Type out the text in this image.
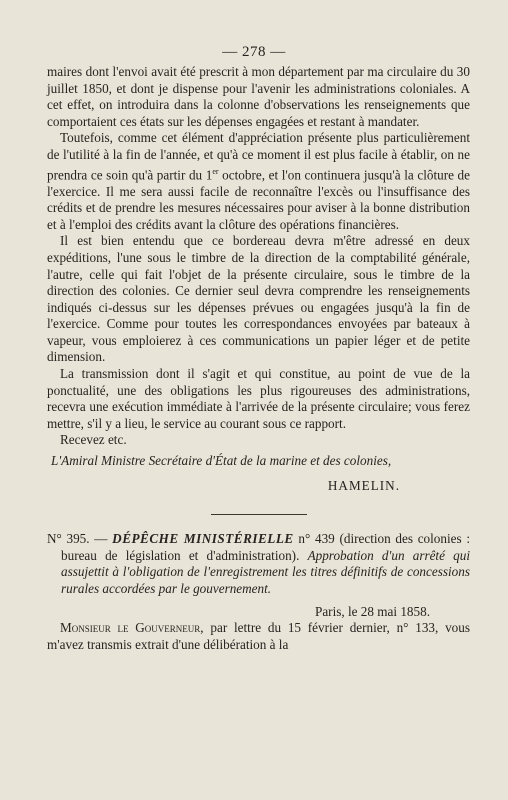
— 278 —

maires dont l'envoi avait été prescrit à mon département par ma circulaire du 30 juillet 1850, et dont je dispense pour l'avenir les administrations coloniales. A cet effet, on introduira dans la colonne d'observations les renseignements que comportaient ces états sur les dépenses engagées et restant à mandater.

Toutefois, comme cet élément d'appréciation présente plus particulièrement de l'utilité à la fin de l'année, et qu'à ce moment il est plus facile à établir, on ne prendra ce soin qu'à partir du 1er octobre, et l'on continuera jusqu'à la clôture de l'exercice. Il me sera aussi facile de reconnaître l'excès ou l'insuffisance des crédits et de prendre les mesures nécessaires pour aviser à la bonne distribution et à l'emploi des crédits avant la clôture des opérations financières.

Il est bien entendu que ce bordereau devra m'être adressé en deux expéditions, l'une sous le timbre de la direction de la comptabilité générale, l'autre, celle qui fait l'objet de la présente circulaire, sous le timbre de la direction des colonies. Ce dernier seul devra comprendre les renseignements indiqués ci-dessus sur les dépenses prévues ou engagées jusqu'à la fin de l'exercice. Comme pour toutes les correspondances envoyées par bateaux à vapeur, vous emploierez à ces communications un papier léger et de petite dimension.

La transmission dont il s'agit et qui constitue, au point de vue de la ponctualité, une des obligations les plus rigoureuses des administrations, recevra une exécution immédiate à l'arrivée de la présente circulaire; vous ferez mettre, s'il y a lieu, le service au courant sous ce rapport.

Recevez etc.

L'Amiral Ministre Secrétaire d'État de la marine et des colonies,

HAMELIN.

N° 395. — DÉPÊCHE MINISTÉRIELLE n° 439 (direction des colonies : bureau de législation et d'administration). Approbation d'un arrêté qui assujettit à l'obligation de l'enregistrement les titres définitifs de concessions rurales accordées par le gouvernement.

Paris, le 28 mai 1858.

Monsieur le Gouverneur, par lettre du 15 février dernier, n° 133, vous m'avez transmis extrait d'une délibération à la
